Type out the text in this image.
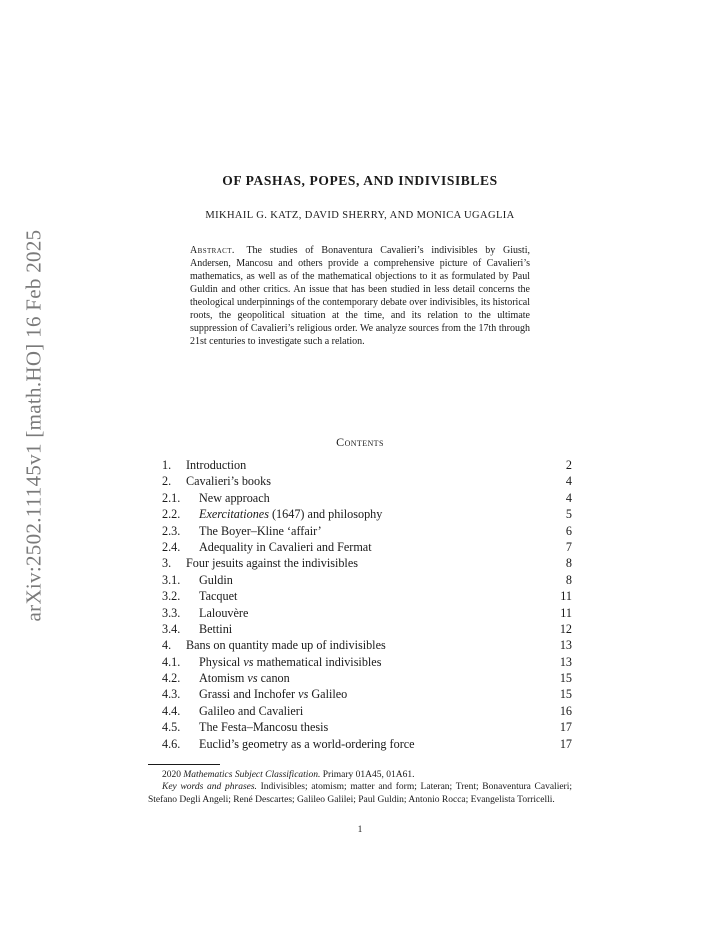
arXiv:2502.11145v1 [math.HO] 16 Feb 2025
OF PASHAS, POPES, AND INDIVISIBLES
MIKHAIL G. KATZ, DAVID SHERRY, AND MONICA UGAGLIA

Abstract. The studies of Bonaventura Cavalieri’s indivisibles by Giusti, Andersen, Mancosu and others provide a comprehensive picture of Cavalieri’s mathematics, as well as of the mathematical objections to it as formulated by Paul Guldin and other critics. An issue that has been studied in less detail concerns the theological underpinnings of the contemporary debate over indivisibles, its historical roots, the geopolitical situation at the time, and its relation to the ultimate suppression of Cavalieri’s religious order. We analyze sources from the 17th through 21st centuries to investigate such a relation.

Contents
1.	Introduction	2
2.	Cavalieri’s books	4
2.1.	New approach	4
2.2.	Exercitationes (1647) and philosophy	5
2.3.	The Boyer–Kline ‘affair’	6
2.4.	Adequality in Cavalieri and Fermat	7
3.	Four jesuits against the indivisibles	8
3.1.	Guldin	8
3.2.	Tacquet	11
3.3.	Lalouvère	11
3.4.	Bettini	12
4.	Bans on quantity made up of indivisibles	13
4.1.	Physical vs mathematical indivisibles	13
4.2.	Atomism vs canon	15
4.3.	Grassi and Inchofer vs Galileo	15
4.4.	Galileo and Cavalieri	16
4.5.	The Festa–Mancosu thesis	17
4.6.	Euclid’s geometry as a world-ordering force	17

2020 Mathematics Subject Classification. Primary 01A45, 01A61.

Key words and phrases. Indivisibles; atomism; matter and form; Lateran; Trent; Bonaventura Cavalieri; Stefano Degli Angeli; René Descartes; Galileo Galilei; Paul Guldin; Antonio Rocca; Evangelista Torricelli.

1
